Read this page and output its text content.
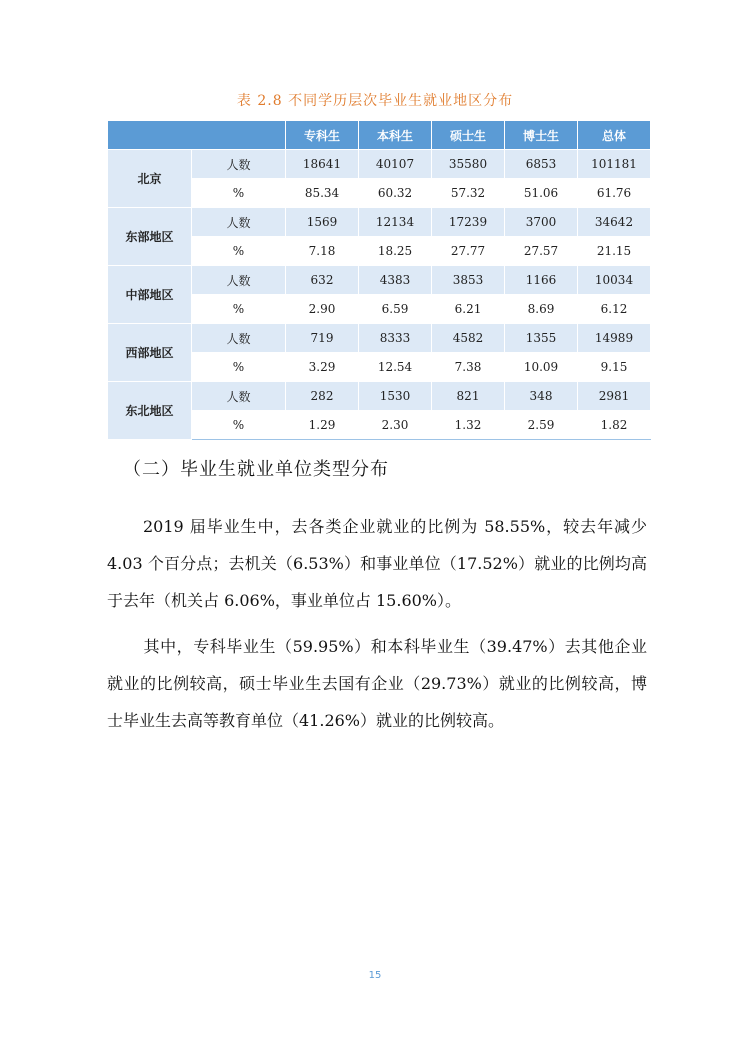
表 2.8 不同学历层次毕业生就业地区分布
		专科生	本科生	硕士生	博士生	总体
北京	人数	18641	40107	35580	6853	101181
	%	85.34	60.32	57.32	51.06	61.76
东部地区	人数	1569	12134	17239	3700	34642
	%	7.18	18.25	27.77	27.57	21.15
中部地区	人数	632	4383	3853	1166	10034
	%	2.90	6.59	6.21	8.69	6.12
西部地区	人数	719	8333	4582	1355	14989
	%	3.29	12.54	7.38	10.09	9.15
东北地区	人数	282	1530	821	348	2981
	%	1.29	2.30	1.32	2.59	1.82
（二）毕业生就业单位类型分布

2019 届毕业生中，去各类企业就业的比例为 58.55%，较去年减少 4.03 个百分点；去机关（6.53%）和事业单位（17.52%）就业的比例均高于去年（机关占 6.06%，事业单位占 15.60%）。

其中，专科毕业生（59.95%）和本科毕业生（39.47%）去其他企业就业的比例较高，硕士毕业生去国有企业（29.73%）就业的比例较高，博士毕业生去高等教育单位（41.26%）就业的比例较高。

15
